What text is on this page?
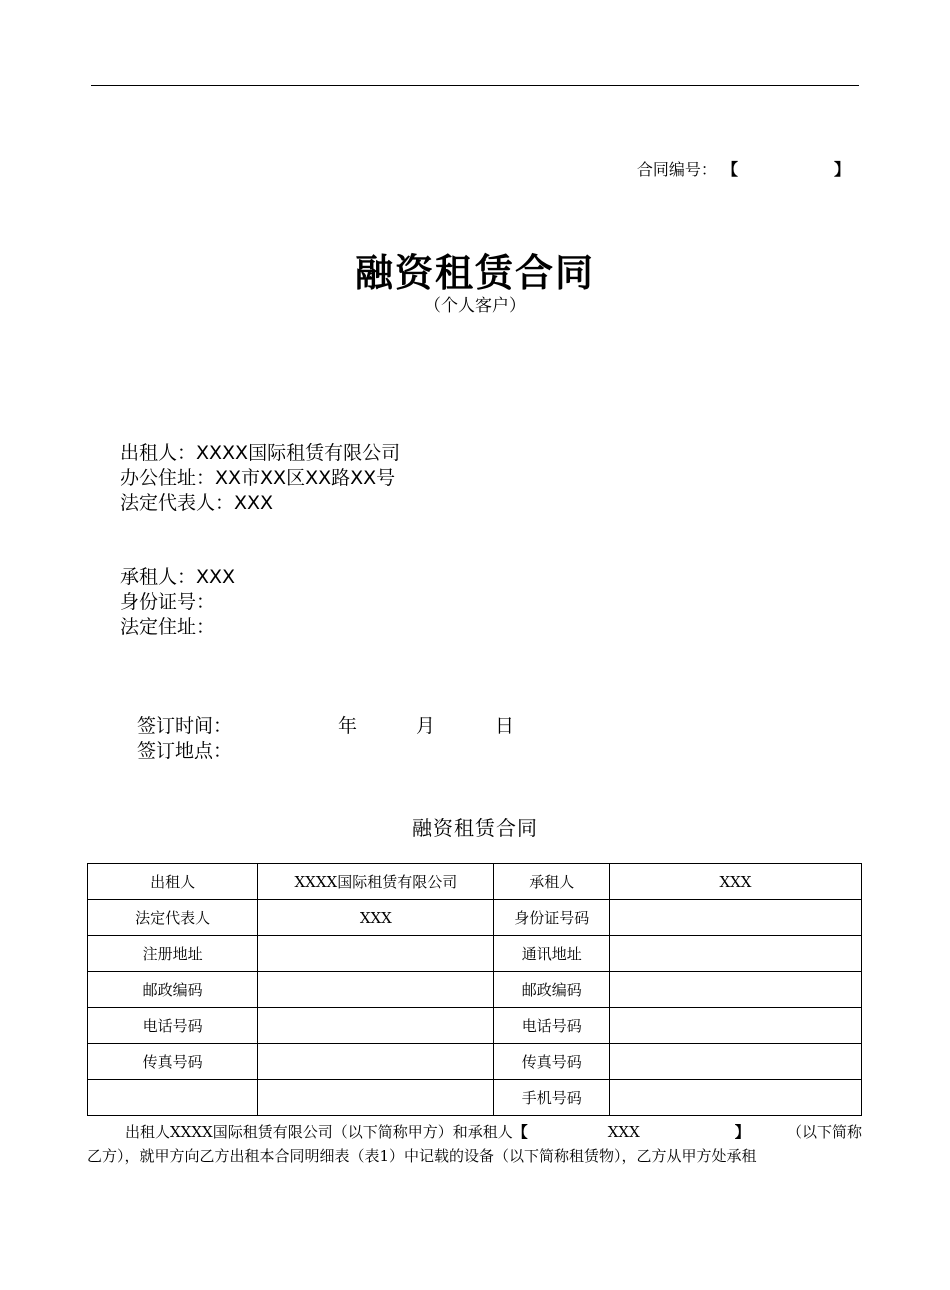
合同编号： 【	】
融资租赁合同
（个人客户）
出租人：XXXX国际租赁有限公司
办公住址：XX市XX区XX路XX号
法定代表人：XXX
承租人：XXX
身份证号：
法定住址：
签订时间：	年	月	日
签订地点：
融资租赁合同
出租人	XXXX国际租赁有限公司	承租人	XXX
法定代表人	XXX	身份证号码	
注册地址		通讯地址	
邮政编码		邮政编码	
电话号码		电话号码	
传真号码		传真号码	
		手机号码	
出租人XXXX国际租赁有限公司（以下简称甲方）和承租人【	XXX	】 （以下简称
乙方），就甲方向乙方出租本合同明细表（表1）中记载的设备（以下简称租赁物），乙方从甲方处承租
